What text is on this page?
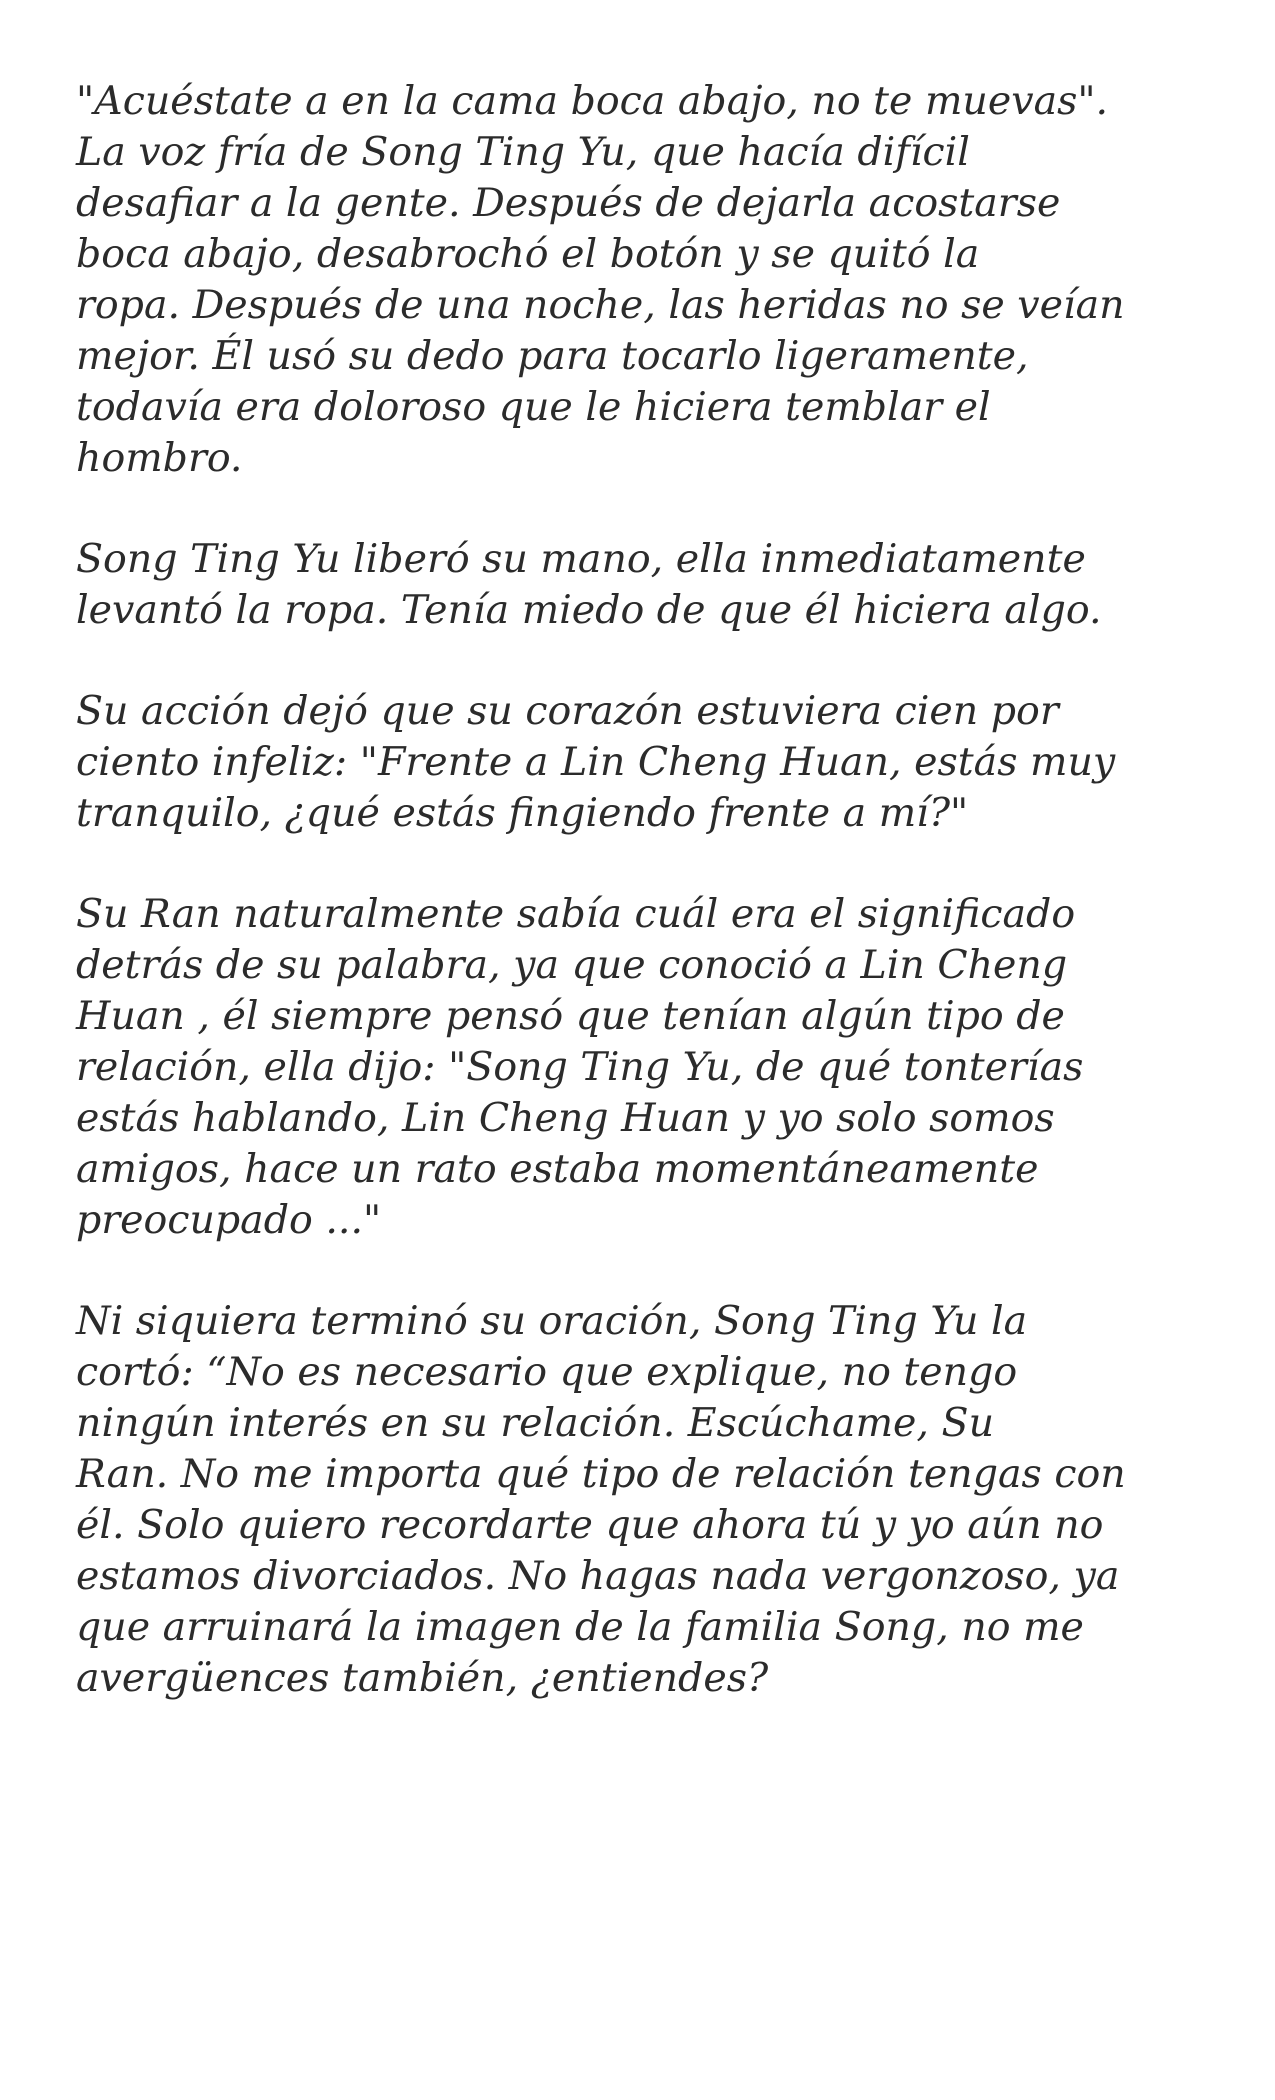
"Acuéstate a en la cama boca abajo, no te muevas".
La voz fría de Song Ting Yu, que hacía difícil
desafiar a la gente. Después de dejarla acostarse
boca abajo, desabrochó el botón y se quitó la
ropa. Después de una noche, las heridas no se veían
mejor. Él usó su dedo para tocarlo ligeramente,
todavía era doloroso que le hiciera temblar el
hombro.

Song Ting Yu liberó su mano, ella inmediatamente
levantó la ropa. Tenía miedo de que él hiciera algo.

Su acción dejó que su corazón estuviera cien por
ciento infeliz: "Frente a Lin Cheng Huan, estás muy
tranquilo, ¿qué estás fingiendo frente a mí?"

Su Ran naturalmente sabía cuál era el significado
detrás de su palabra, ya que conoció a Lin Cheng
Huan , él siempre pensó que tenían algún tipo de
relación, ella dijo: "Song Ting Yu, de qué tonterías
estás hablando, Lin Cheng Huan y yo solo somos
amigos, hace un rato estaba momentáneamente
preocupado ..."

Ni siquiera terminó su oración, Song Ting Yu la
cortó: “No es necesario que explique, no tengo
ningún interés en su relación. Escúchame, Su
Ran. No me importa qué tipo de relación tengas con
él. Solo quiero recordarte que ahora tú y yo aún no
estamos divorciados. No hagas nada vergonzoso, ya
que arruinará la imagen de la familia Song, no me
avergüences también, ¿entiendes?
